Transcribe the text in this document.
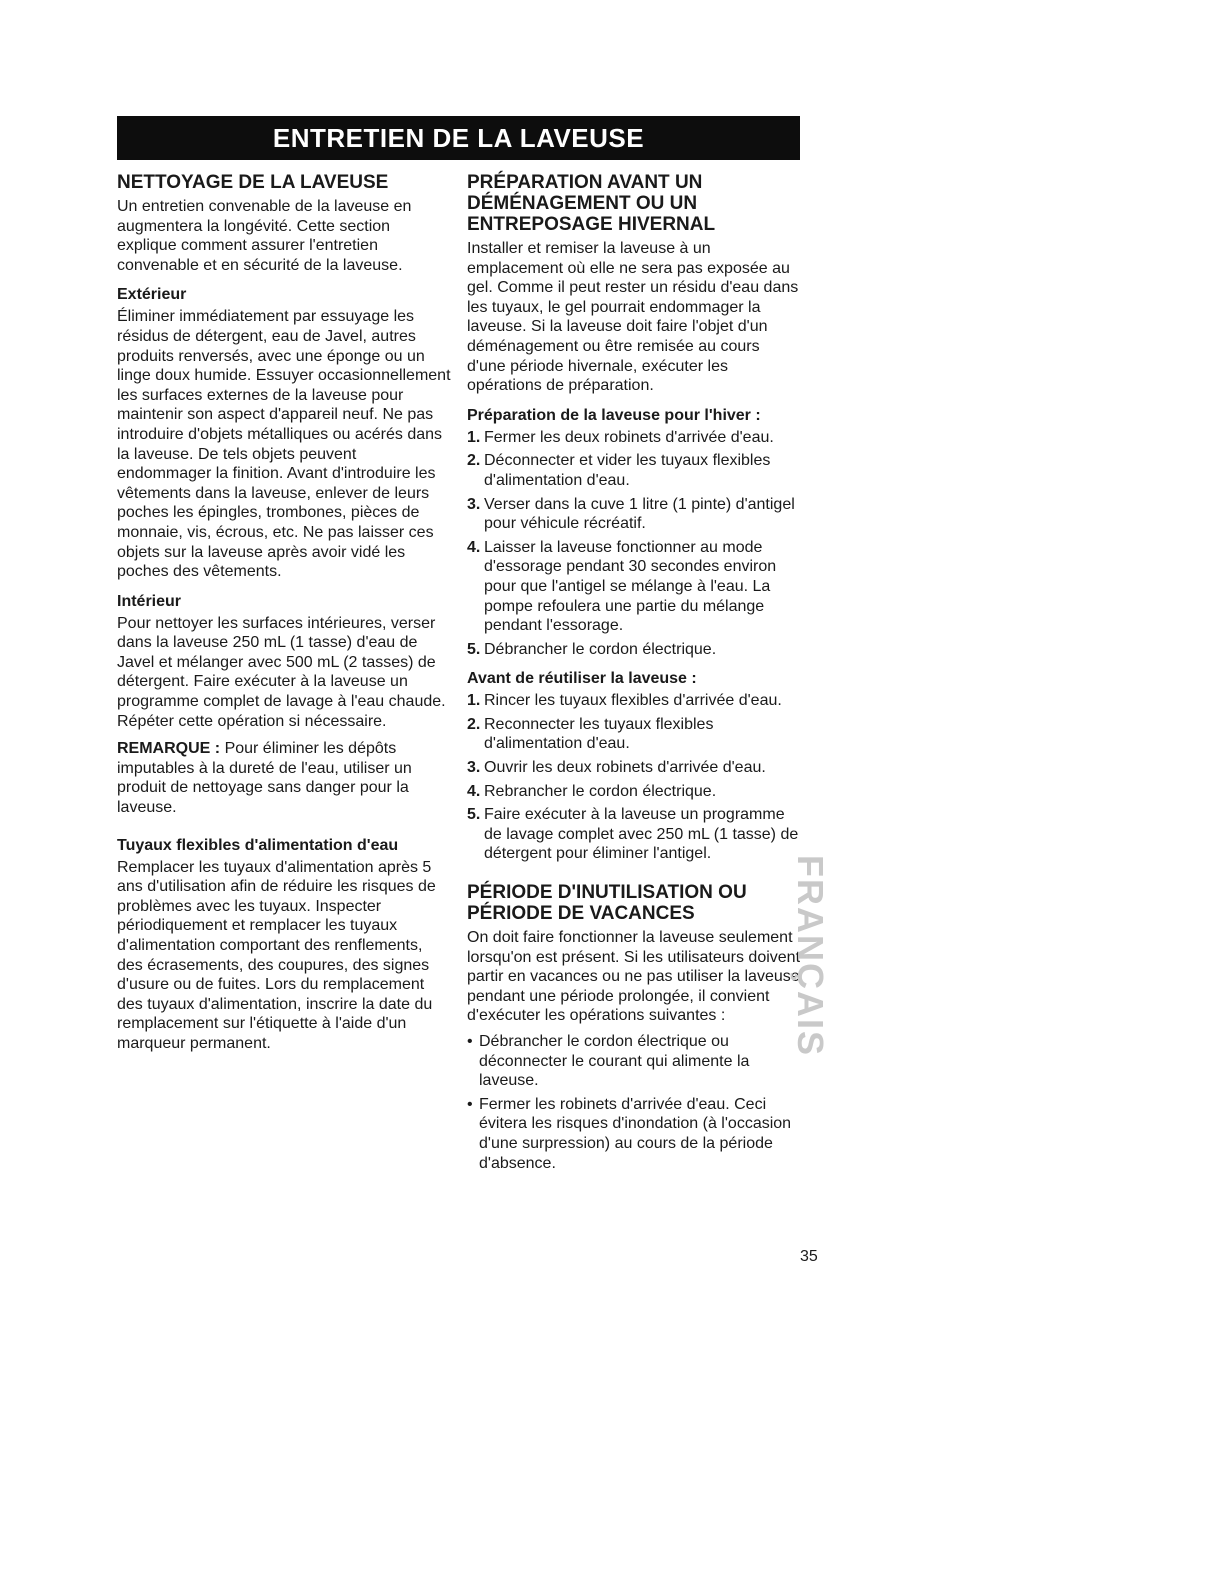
ENTRETIEN DE LA LAVEUSE
NETTOYAGE DE LA LAVEUSE

Un entretien convenable de la laveuse en augmentera la longévité. Cette section explique comment assurer l'entretien convenable et en sécurité de la laveuse.

Extérieur

Éliminer immédiatement par essuyage les résidus de détergent, eau de Javel, autres produits renversés, avec une éponge ou un linge doux humide. Essuyer occasionnellement les surfaces externes de la laveuse pour maintenir son aspect d'appareil neuf. Ne pas introduire d'objets métalliques ou acérés dans la laveuse. De tels objets peuvent endommager la finition. Avant d'introduire les vêtements dans la laveuse, enlever de leurs poches les épingles, trombones, pièces de monnaie, vis, écrous, etc. Ne pas laisser ces objets sur la laveuse après avoir vidé les poches des vêtements.

Intérieur

Pour nettoyer les surfaces intérieures, verser dans la laveuse 250 mL (1 tasse) d'eau de Javel et mélanger avec 500 mL (2 tasses) de détergent. Faire exécuter à la laveuse un programme complet de lavage à l'eau chaude. Répéter cette opération si nécessaire.

REMARQUE : Pour éliminer les dépôts imputables à la dureté de l'eau, utiliser un produit de nettoyage sans danger pour la laveuse.

Tuyaux flexibles d'alimentation d'eau

Remplacer les tuyaux d'alimentation après 5 ans d'utilisation afin de réduire les risques de problèmes avec les tuyaux. Inspecter périodiquement et remplacer les tuyaux d'alimentation comportant des renflements, des écrasements, des coupures, des signes d'usure ou de fuites. Lors du remplacement des tuyaux d'alimentation, inscrire la date du remplacement sur l'étiquette à l'aide d'un marqueur permanent.

PRÉPARATION AVANT UN DÉMÉNAGEMENT OU UN ENTREPOSAGE HIVERNAL

Installer et remiser la laveuse à un emplacement où elle ne sera pas exposée au gel. Comme il peut rester un résidu d'eau dans les tuyaux, le gel pourrait endommager la laveuse. Si la laveuse doit faire l'objet d'un déménagement ou être remisée au cours d'une période hivernale, exécuter les opérations de préparation.

Préparation de la laveuse pour l'hiver :
1. Fermer les deux robinets d'arrivée d'eau.
2. Déconnecter et vider les tuyaux flexibles d'alimentation d'eau.
3. Verser dans la cuve 1 litre (1 pinte) d'antigel pour véhicule récréatif.
4. Laisser la laveuse fonctionner au mode d'essorage pendant 30 secondes environ pour que l'antigel se mélange à l'eau. La pompe refoulera une partie du mélange pendant l'essorage.
5. Débrancher le cordon électrique.
Avant de réutiliser la laveuse :
1. Rincer les tuyaux flexibles d'arrivée d'eau.
2. Reconnecter les tuyaux flexibles d'alimentation d'eau.
3. Ouvrir les deux robinets d'arrivée d'eau.
4. Rebrancher le cordon électrique.
5. Faire exécuter à la laveuse un programme de lavage complet avec 250 mL (1 tasse) de détergent pour éliminer l'antigel.
PÉRIODE D'INUTILISATION OU PÉRIODE DE VACANCES

On doit faire fonctionner la laveuse seulement lorsqu'on est présent. Si les utilisateurs doivent partir en vacances ou ne pas utiliser la laveuse pendant une période prolongée, il convient d'exécuter les opérations suivantes :

• Débrancher le cordon électrique ou déconnecter le courant qui alimente la laveuse.
• Fermer les robinets d'arrivée d'eau. Ceci évitera les risques d'inondation (à l'occasion d'une surpression) au cours de la période d'absence.
FRANÇAIS
35
